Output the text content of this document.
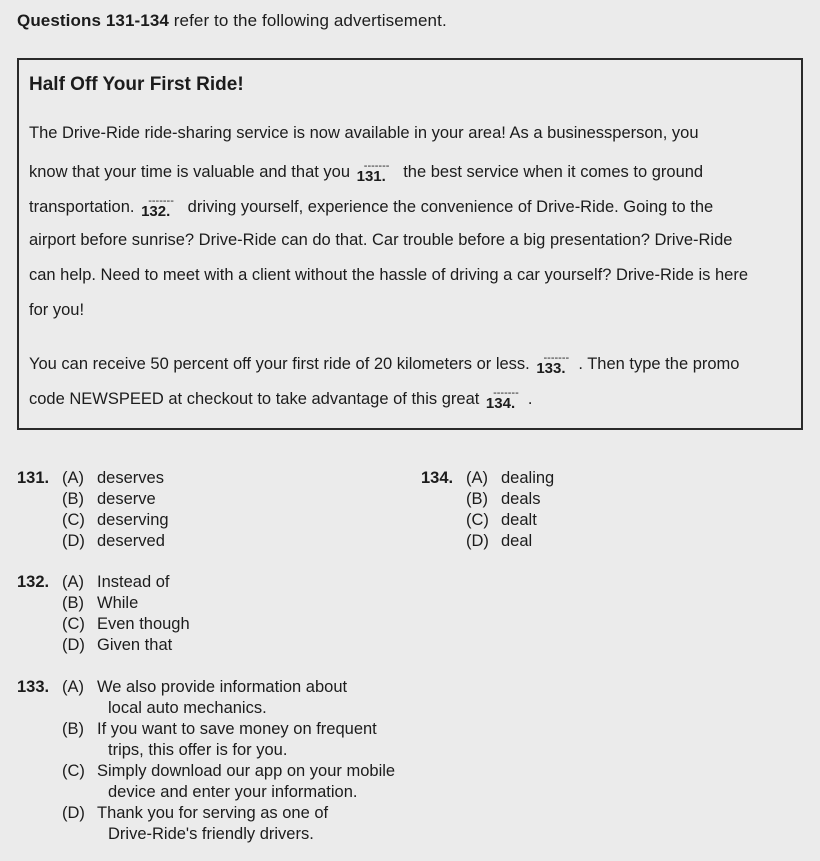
Questions 131-134 refer to the following advertisement.
Half Off Your First Ride!
The Drive-Ride ride-sharing service is now available in your area! As a businessperson, you
know that your time is valuable and that you -------
131. the best service when it comes to ground
transportation. -------
132. driving yourself, experience the convenience of Drive-Ride. Going to the
airport before sunrise? Drive-Ride can do that. Car trouble before a big presentation? Drive-Ride
can help. Need to meet with a client without the hassle of driving a car yourself? Drive-Ride is here
for you!
You can receive 50 percent off your first ride of 20 kilometers or less. -------
133. . Then type the promo
code NEWSPEED at checkout to take advantage of this great -------
134. .
131. (A) deserves
(B) deserve
(C) deserving
(D) deserved
134. (A) dealing
(B) deals
(C) dealt
(D) deal
132. (A) Instead of
(B) While
(C) Even though
(D) Given that
133. (A) We also provide information about
local auto mechanics.
(B) If you want to save money on frequent
trips, this offer is for you.
(C) Simply download our app on your mobile
device and enter your information.
(D) Thank you for serving as one of
Drive-Ride's friendly drivers.
